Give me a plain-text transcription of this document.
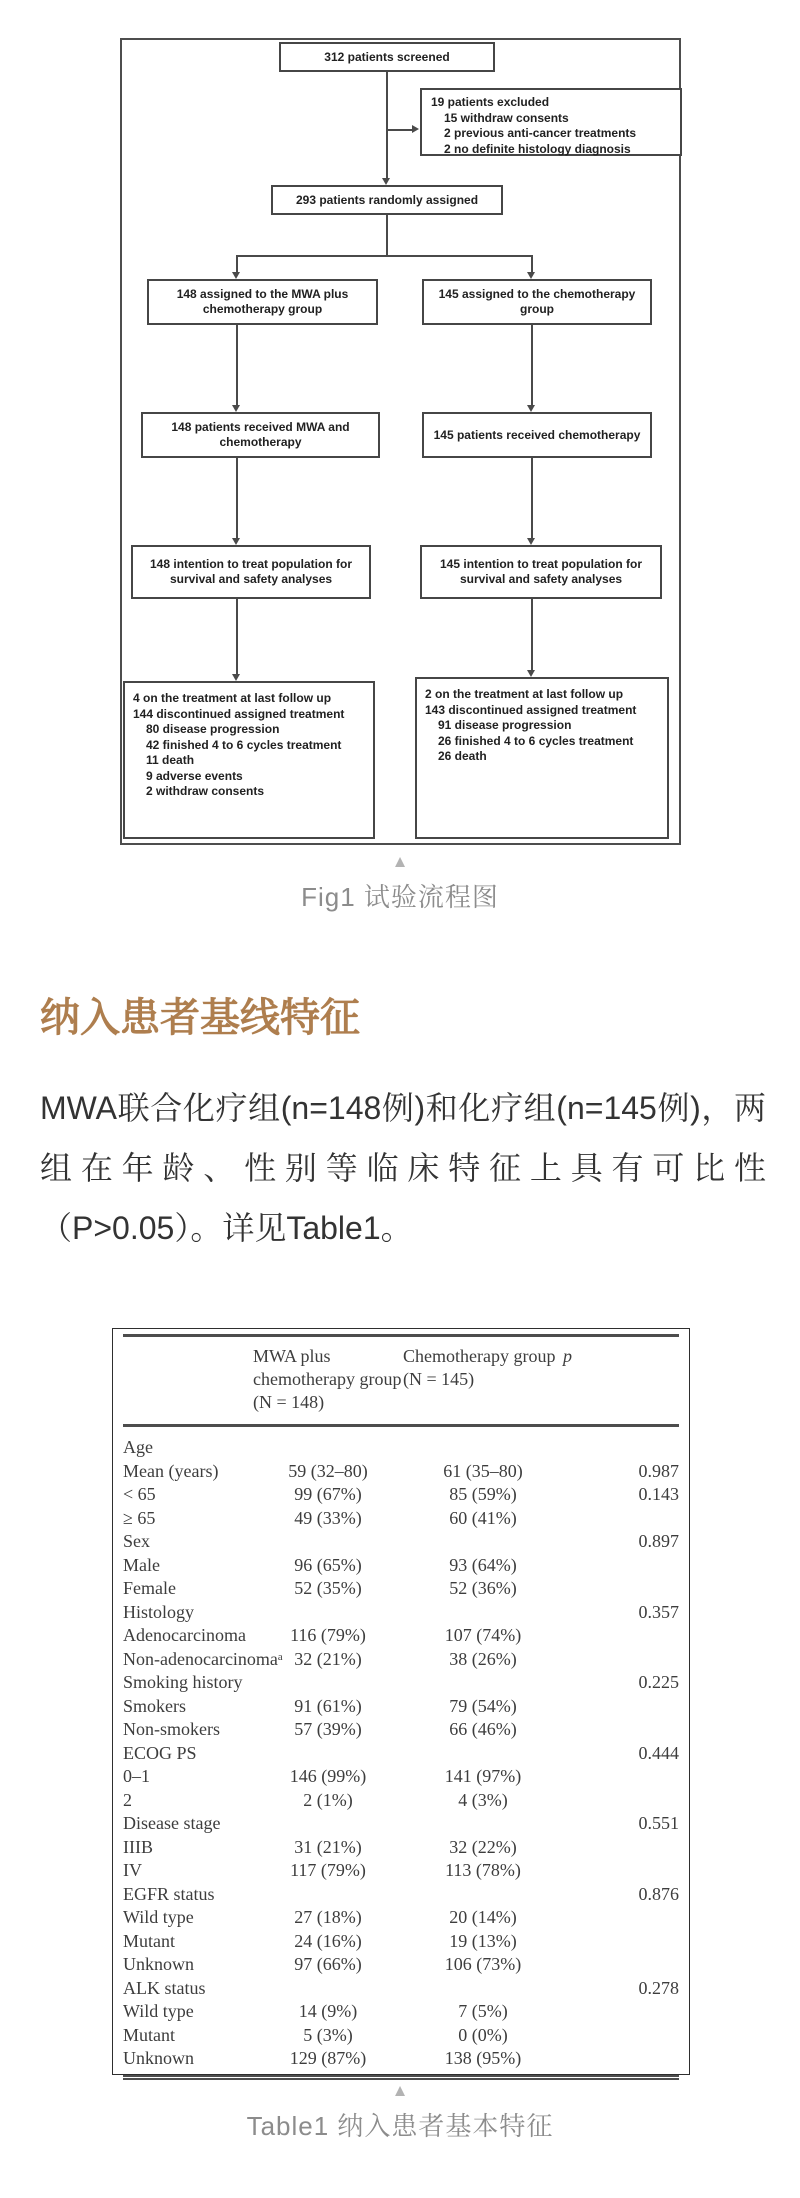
312 patients screened
19 patients excluded
15 withdraw consents
2 previous anti-cancer treatments
2 no definite histology diagnosis
293 patients randomly assigned
148 assigned to the MWA plus chemotherapy group
145 assigned to the chemotherapy group
148 patients received MWA and chemotherapy
145 patients received chemotherapy
148 intention to treat population for survival and safety analyses
145 intention to treat population for survival and safety analyses
4 on the treatment at last follow up
144 discontinued assigned treatment
80 disease progression
42 finished 4 to 6 cycles treatment
11 death
9 adverse events
2 withdraw consents
2 on the treatment at last follow up
143 discontinued assigned treatment
91 disease progression
26 finished 4 to 6 cycles treatment
26 death
▲
Fig1 试验流程图
纳入患者基线特征

MWA联合化疗组(n=148例)和化疗组(n=145例)，两组在年龄、性别等临床特征上具有可比性（P>0.05）。详见Table1。

	MWA plus chemotherapy group (N = 148)	Chemotherapy group (N = 145)	p
Age			
Mean (years)	59 (32–80)	61 (35–80)	0.987
< 65	99 (67%)	85 (59%)	0.143
≥ 65	49 (33%)	60 (41%)	
Sex			0.897
Male	96 (65%)	93 (64%)	
Female	52 (35%)	52 (36%)	
Histology			0.357
Adenocarcinoma	116 (79%)	107 (74%)	
Non-adenocarcinomaᵃ	32 (21%)	38 (26%)	
Smoking history			0.225
Smokers	91 (61%)	79 (54%)	
Non-smokers	57 (39%)	66 (46%)	
ECOG PS			0.444
0–1	146 (99%)	141 (97%)	
2	2 (1%)	4 (3%)	
Disease stage			0.551
IIIB	31 (21%)	32 (22%)	
IV	117 (79%)	113 (78%)	
EGFR status			0.876
Wild type	27 (18%)	20 (14%)	
Mutant	24 (16%)	19 (13%)	
Unknown	97 (66%)	106 (73%)	
ALK status			0.278
Wild type	14 (9%)	7 (5%)	
Mutant	5 (3%)	0 (0%)	
Unknown	129 (87%)	138 (95%)	
▲
Table1 纳入患者基本特征
